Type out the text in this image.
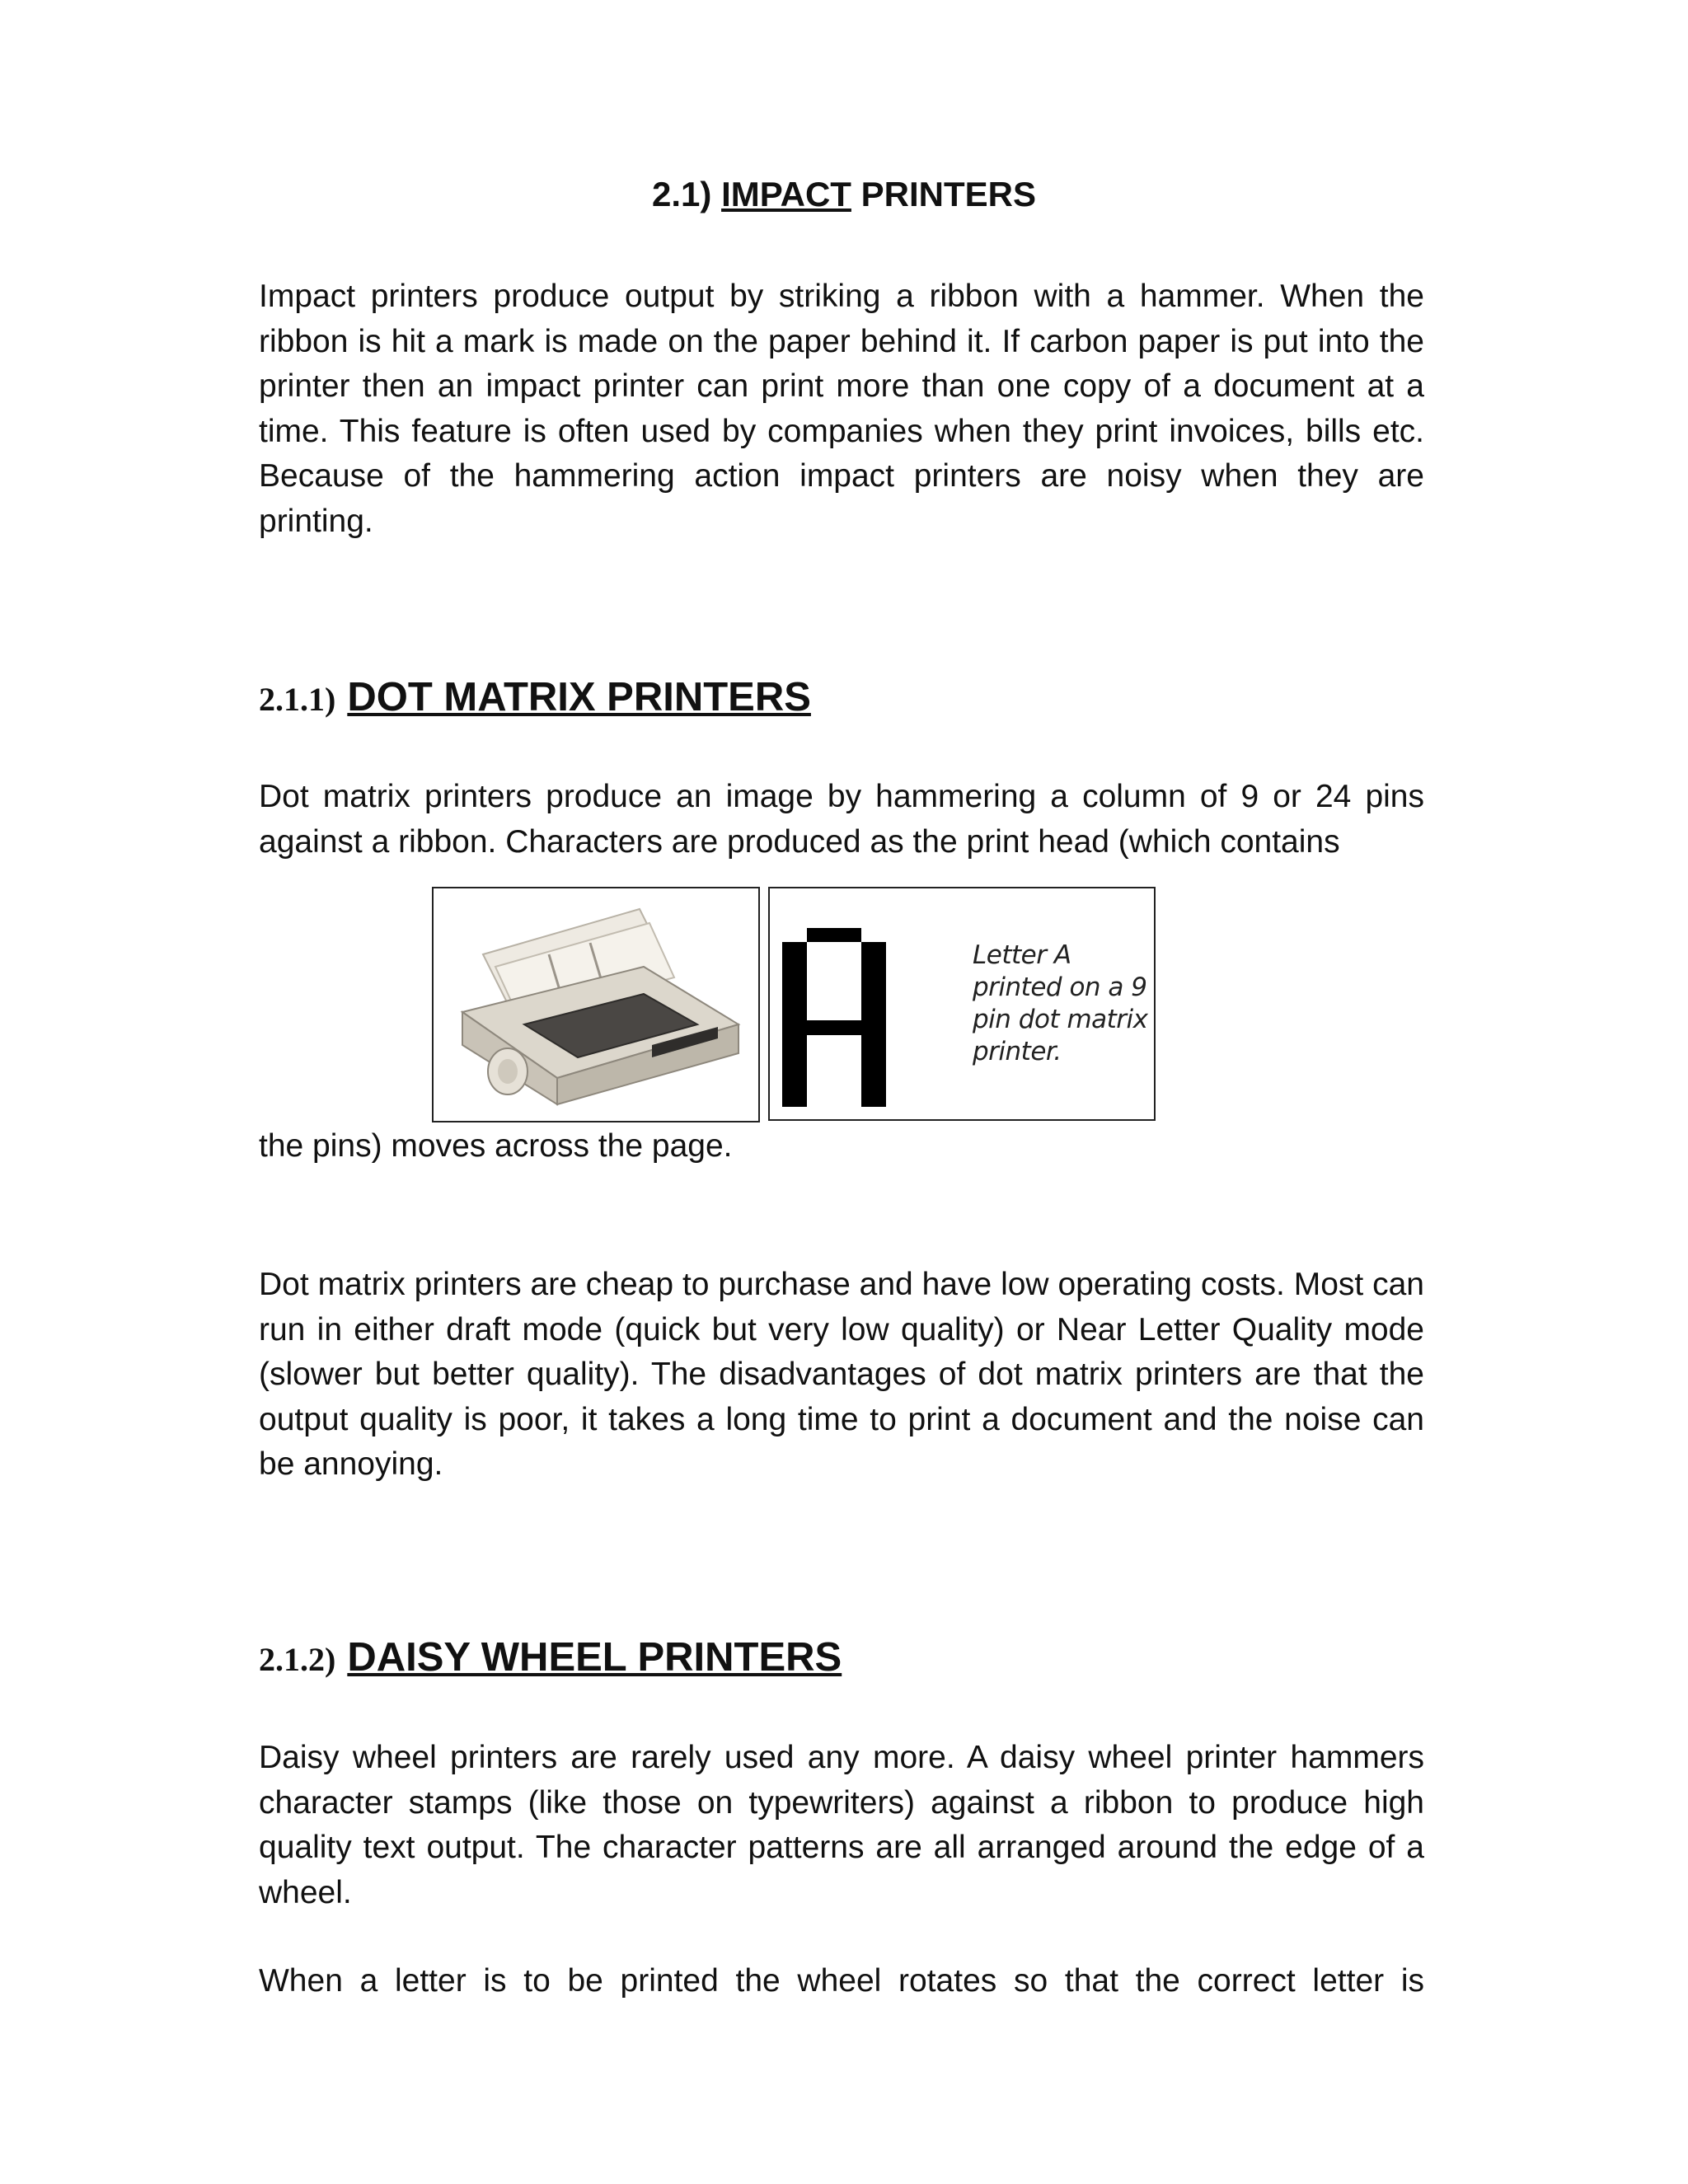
2.1) IMPACT PRINTERS

Impact printers produce output by striking a ribbon with a hammer. When the ribbon is hit a mark is made on the paper behind it. If carbon paper is put into the printer then an impact printer can print more than one copy of a document at a time. This feature is often used by companies when they print invoices, bills etc. Because of the hammering action impact printers are noisy when they are printing.

2.1.1) DOT MATRIX PRINTERS

Dot matrix printers produce an image by hammering a column of 9 or 24 pins against a ribbon. Characters are produced as the print head (which contains

Letter A
printed on a 9
pin dot matrix
printer.

the pins) moves across the page.

Dot matrix printers are cheap to purchase and have low operating costs. Most can run in either draft mode (quick but very low quality) or Near Letter Quality mode (slower but better quality). The disadvantages of dot matrix printers are that the output quality is poor, it takes a long time to print a document and the noise can be annoying.

2.1.2) DAISY WHEEL PRINTERS

Daisy wheel printers are rarely used any more. A daisy wheel printer hammers character stamps (like those on typewriters) against a ribbon to produce high quality text output. The character patterns are all arranged around the edge of a wheel.

When a letter is to be printed the wheel rotates so that the correct letter is
